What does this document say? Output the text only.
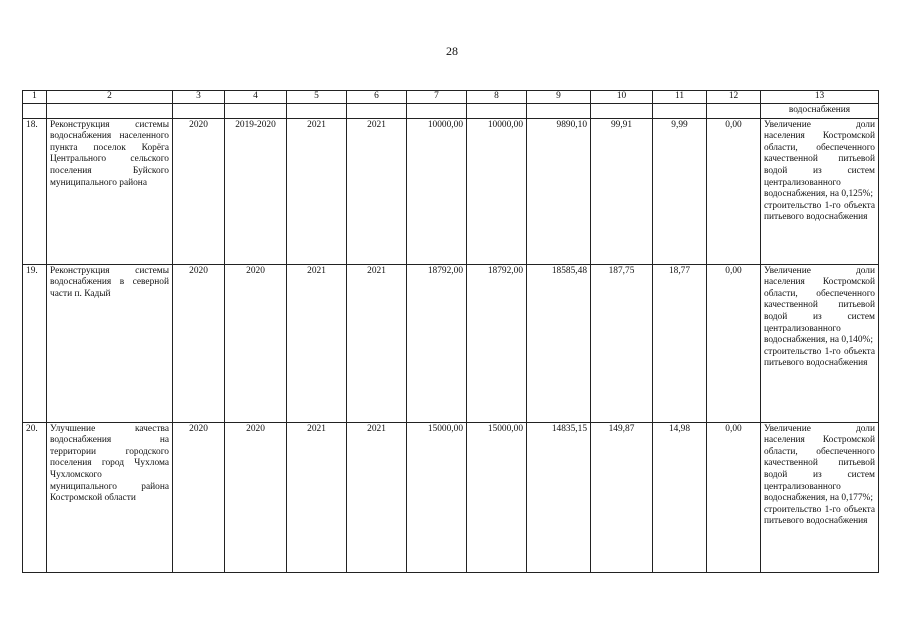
28
1	2	3	4	5	6	7	8	9	10	11	12	13
												водоснабжения
18.	Реконструкция системы водоснабжения населенного пункта поселок Корёга Центрального сельского поселения Буйского муниципального района	2020	2019-2020	2021	2021	10000,00	10000,00	9890,10	99,91	9,99	0,00	Увеличение доли населения Костромской области, обеспеченного качественной питьевой водой из систем централизованного водоснабжения, на 0,125%;
строительство 1-го объекта питьевого водоснабжения
19.	Реконструкция системы водоснабжения в северной части п. Кадый	2020	2020	2021	2021	18792,00	18792,00	18585,48	187,75	18,77	0,00	Увеличение доли населения Костромской области, обеспеченного качественной питьевой водой из систем централизованного водоснабжения, на 0,140%;
строительство 1-го объекта питьевого водоснабжения
20.	Улучшение качества водоснабжения на территории городского поселения город Чухлома Чухломского муниципального района Костромской области	2020	2020	2021	2021	15000,00	15000,00	14835,15	149,87	14,98	0,00	Увеличение доли населения Костромской области, обеспеченного качественной питьевой водой из систем централизованного водоснабжения, на 0,177%;
строительство 1-го объекта питьевого водоснабжения
